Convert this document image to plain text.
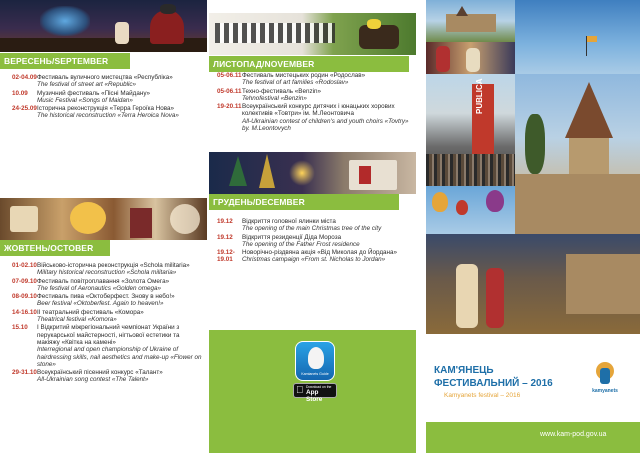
ВЕРЕСЕНЬ/SEPTEMBER
02-04.09 Фестиваль вуличного мистецтва «Республіка»
The festival of street art «Republic»
10.09	Музичний фестиваль «Пісні Майдану»
Music Festival «Songs of Maidan»
24-25.09 Історична реконструкція «Терра Героїка Нова»
The historical reconstruction «Terra Heroica Nova»
ЖОВТЕНЬ/OCTOBER
01-02.10 Військово-історична реконструкція «Schola militaria»
Military historical reconstruction «Schola militaria»
07-09.10 Фестиваль повітроплавання «Золота Омега»
The festival of Aeronautics «Golden omega»
08-09.10 Фестиваль пива «Октоберфест. Знову в небо!»
Beer festival «Oktoberfest. Again to heaven!»
14-16.10 ІІ театральний фестиваль «Комора»
Theatrical festival «Komora»
15.10	І Відкритий міжрегіональний чемпіонат України з перукарської майстерності, нігтьової естетики та макіяжу «Квітка на камені»
Interregional and open championship of Ukraine of hairdressing skills, nail aesthetics and make-up «Flower on stone»
29-31.10 Всеукраїнський пісенний конкурс «Талант»
All-Ukrainian song contest «The Talent»
ЛИСТОПАД/NOVEMBER
05-06.11 Фестиваль мистецьких родин «Родослав»
The festival of art families «Rodoslav»
05-06.11 Техно-фестиваль «Benzin»
Tehnofestival «Benzin»
19-20.11 Всеукраїнський конкурс дитячих і юнацьких хорових колективів «Товтри» ім. М.Леонтовича
All-Ukrainian contest of children's and youth choirs «Tovtry» by. M.Leontovych
ГРУДЕНЬ/DECEMBER
19.12	Відкриття головної ялинки міста
The opening of the main Christmas tree of the city
19.12	Відкриття резиденції Діда Мороза
The opening of the Father Frost residence
19.12-19.01
Новорічно-різдвяна акція «Від Миколая до Йордана»
Christmas campaign «From st. Nicholas to Jordan»
Kamianets Guide
Download on the
App Store
PUBLICA
КАМ'ЯНЕЦЬ
ФЕСТИВАЛЬНИЙ – 2016
Kamyanets festival – 2016
kamyanets
www.kam-pod.gov.ua
